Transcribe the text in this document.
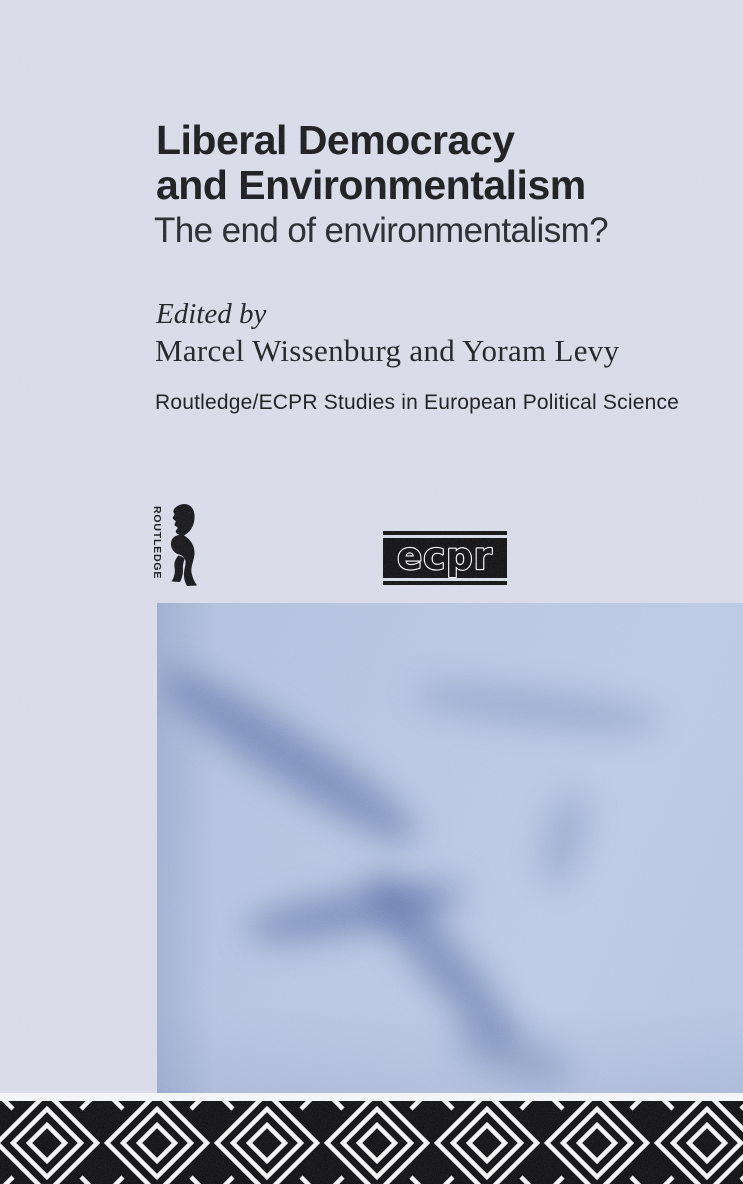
Liberal Democracy
and Environmentalism
The end of environmentalism?
Edited by
Marcel Wissenburg and Yoram Levy
Routledge/ECPR Studies in European Political Science
ROUTLEDGE	ecpr
